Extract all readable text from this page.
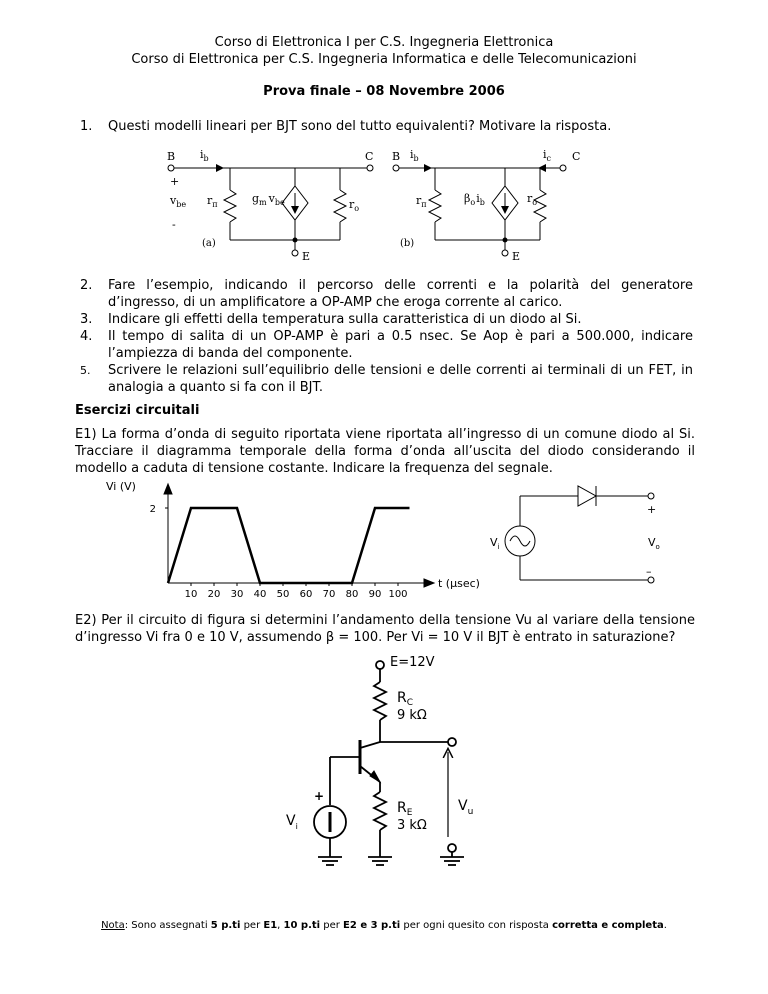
Corso di Elettronica I per C.S. Ingegneria Elettronica
Corso di Elettronica per C.S. Ingegneria Informatica e delle Telecomunicazioni
Prova finale – 08 Novembre 2006
1. Questi modelli lineari per BJT sono del tutto equivalenti? Motivare la risposta.
B $i_b$	C
+
$v_{be}$
-
$r_\pi$	$g_m$ $v_{be}$	$r_o$
(a)
E
B $i_b$	$i_c$ C
$r_\pi$	$\beta_oi_b$	$r_o$
(b)
E
2. Fare l’esempio, indicando il percorso delle correnti e la polarità del generatore d’ingresso, di un amplificatore a OP-AMP che eroga corrente al carico.
3. Indicare gli effetti della temperatura sulla caratteristica di un diodo al Si.
4. Il tempo di salita di un OP-AMP è pari a 0.5 nsec. Se Aop è pari a 500.000, indicare l’ampiezza di banda del componente.
5. Scrivere le relazioni sull’equilibrio delle tensioni e delle correnti ai terminali di un FET, in analogia a quanto si fa con il BJT.
Esercizi circuitali
E1) La forma d’onda di seguito riportata viene riportata all’ingresso di un comune diodo al Si. Tracciare il diagramma temporale della forma d’onda all’uscita del diodo considerando il modello a caduta di tensione costante. Indicare la frequenza del segnale.
10 20 30 40 50 60 70 80 90 100
2
Vi (V)
t (μsec)
+
–
$V_i$	$V_o$
E2) Per il circuito di figura si determini l’andamento della tensione Vu al variare della tensione d’ingresso Vi fra 0 e 10 V, assumendo β = 100. Per Vi = 10 V il BJT è entrato in saturazione?
E=12V
$R_C$
9 kΩ
$R_E$
3 kΩ
+
$V_i$
$V_u$
Nota: Sono assegnati 5 p.ti per E1, 10 p.ti per E2 e 3 p.ti per ogni quesito con risposta corretta e completa.
